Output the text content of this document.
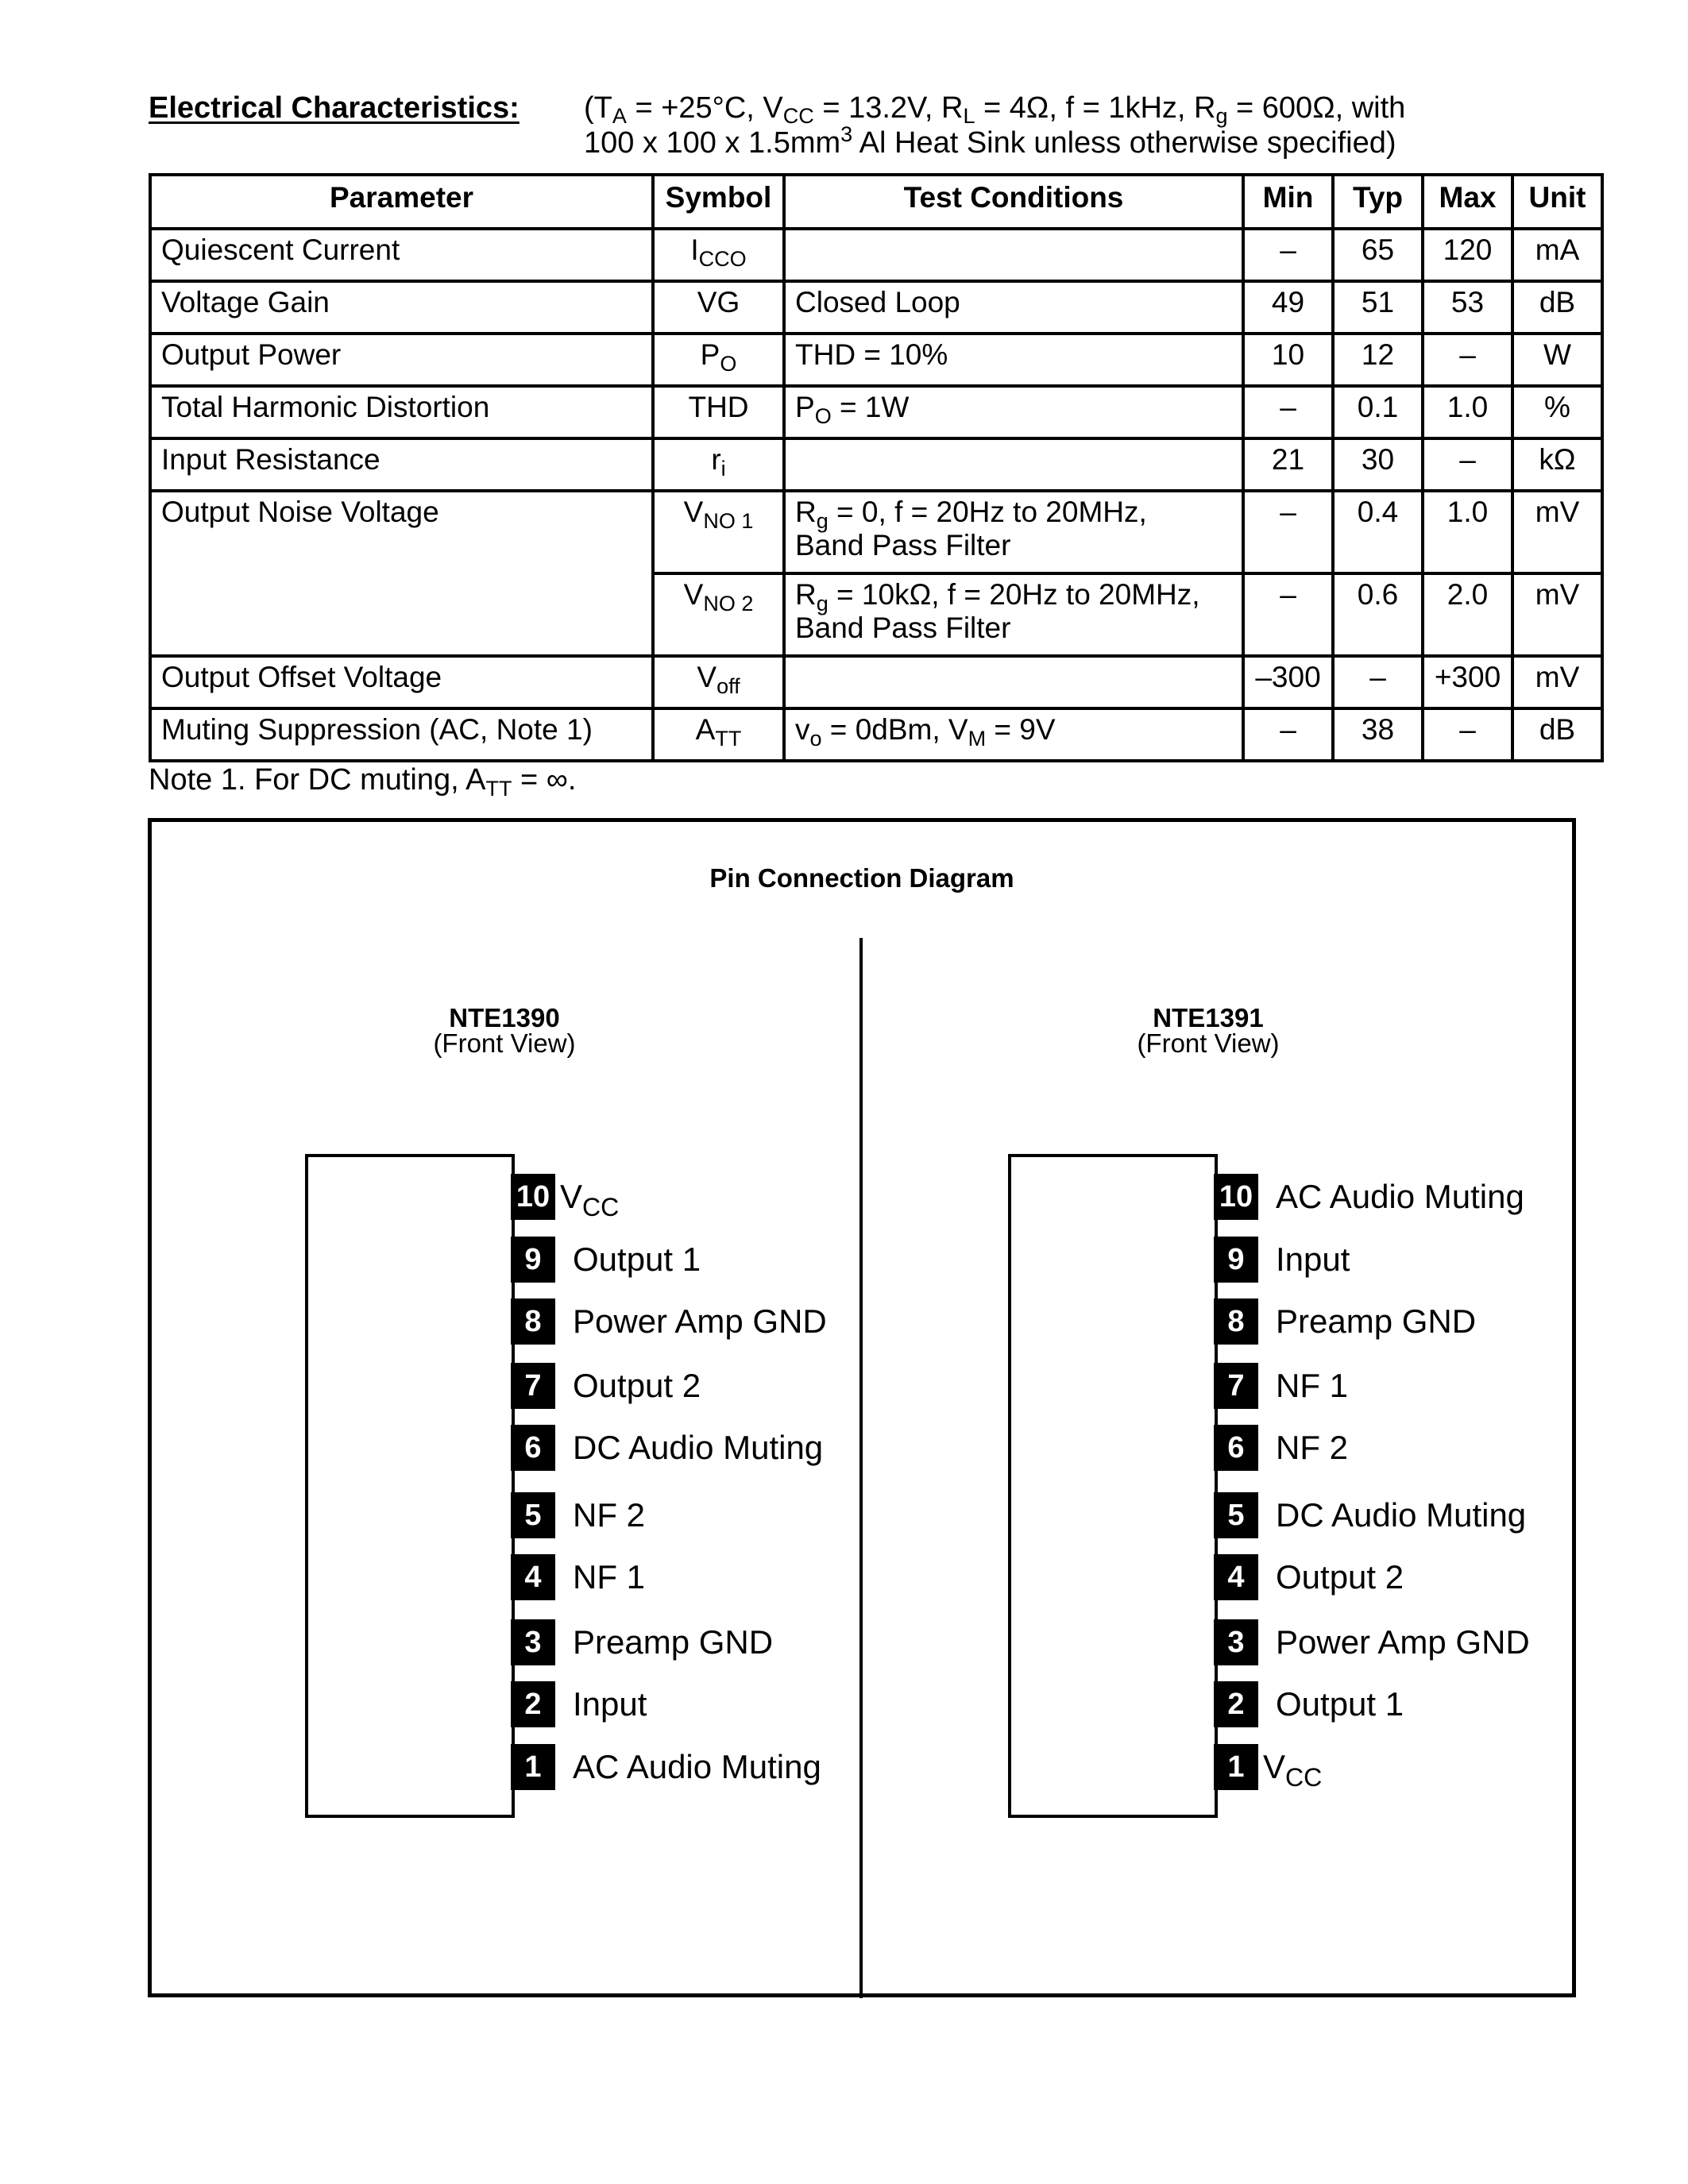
Electrical Characteristics: ($T_A = +25^\circ C$, $V_{CC} = 13.2V$, $R_L = 4\Omega$, f = 1kHz, $R_g = 600\Omega$, with
100 x 100 x $1.5mm^3$ Al Heat Sink unless otherwise specified)
Parameter	Symbol	Test Conditions	Min	Typ	Max	Unit
Quiescent Current	$I_{CCO}$		–	65	120	mA
Voltage Gain	VG	Closed Loop	49	51	53	dB
Output Power	$P_O$	THD = 10%	10	12	–	W
Total Harmonic Distortion	THD	$P_O = 1W$	–	0.1	1.0	%
Input Resistance	$r_i$		21	30	–	kΩ
Output Noise Voltage	$V_{NO 1}$	$R_g = 0$, f = 20Hz to 20MHz,
Band Pass Filter	–	0.4	1.0	mV
	$V_{NO 2}$	$R_g = 10k\Omega$, f = 20Hz to 20MHz,
Band Pass Filter	–	0.6	2.0	mV
Output Offset Voltage	$V_{off}$		–300	–	+300	mV
Muting Suppression (AC, Note 1)	$A_{TT}$	$v_o = 0dBm$, $V_M = 9V$	–	38	–	dB
Note 1. For DC muting, $A_{TT}$ = ∞.
Pin Connection Diagram
NTE1390
(Front View)
10 $V_{CC}$
9 Output 1
8 Power Amp GND
7 Output 2
6 DC Audio Muting
5 NF 2
4 NF 1
3 Preamp GND
2 Input
1 AC Audio Muting
NTE1391
(Front View)
10 AC Audio Muting
9 Input
8 Preamp GND
7 NF 1
6 NF 2
5 DC Audio Muting
4 Output 2
3 Power Amp GND
2 Output 1
1 $V_{CC}$
